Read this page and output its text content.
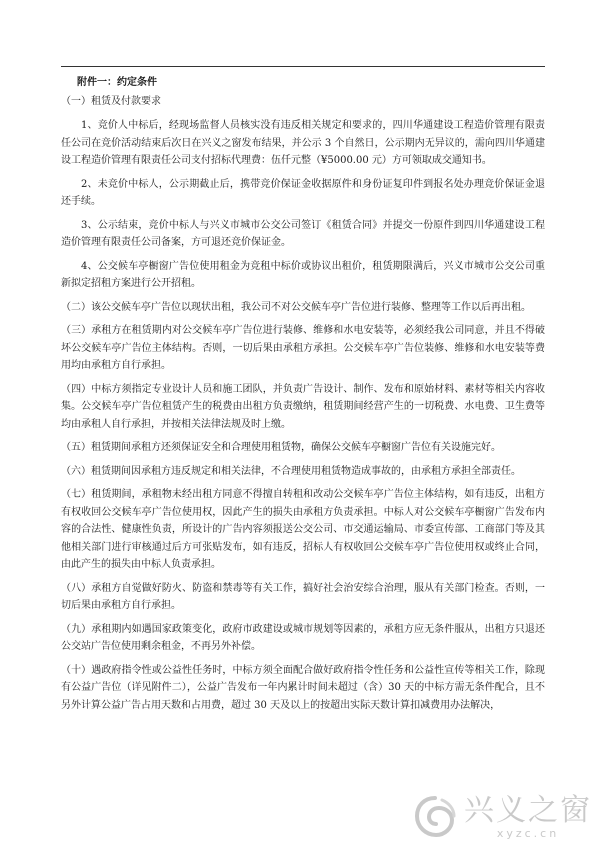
附件一：约定条件
（一）租赁及付款要求
1、竞价人中标后，经现场监督人员核实没有违反相关规定和要求的，四川华通建设工程造价管理有限责任公司在竞价活动结束后次日在兴义之窗发布结果，并公示 3 个自然日，公示期内无异议的，需向四川华通建设工程造价管理有限责任公司支付招标代理费：伍仟元整（¥5000.00 元）方可领取成交通知书。
2、未竞价中标人，公示期截止后，携带竞价保证金收据原件和身份证复印件到报名处办理竞价保证金退还手续。
3、公示结束，竞价中标人与兴义市城市公交公司签订《租赁合同》并提交一份原件到四川华通建设工程造价管理有限责任公司备案，方可退还竞价保证金。
4、公交候车亭橱窗广告位使用租金为竞租中标价或协议出租价，租赁期限满后，兴义市城市公交公司重新拟定招租方案进行公开招租。
（二）该公交候车亭广告位以现状出租，我公司不对公交候车亭广告位进行装修、整理等工作以后再出租。
（三）承租方在租赁期内对公交候车亭广告位进行装修、维修和水电安装等，必须经我公司同意，并且不得破坏公交候车亭广告位主体结构。否则，一切后果由承租方承担。公交候车亭广告位装修、维修和水电安装等费用均由承租方自行承担。
（四）中标方须指定专业设计人员和施工团队，并负责广告设计、制作、发布和原始材料、素材等相关内容收集。公交候车亭广告位租赁产生的税费由出租方负责缴纳，租赁期间经营产生的一切税费、水电费、卫生费等均由承租人自行承担，并按相关法律法规及时上缴。
（五）租赁期间承租方还须保证安全和合理使用租赁物，确保公交候车亭橱窗广告位有关设施完好。
（六）租赁期间因承租方违反规定和相关法律，不合理使用租赁物造成事故的，由承租方承担全部责任。
（七）租赁期间，承租物未经出租方同意不得擅自转租和改动公交候车亭广告位主体结构，如有违反，出租方有权收回公交候车亭广告位使用权，因此产生的损失由承租方负责承担。中标人对公交候车亭橱窗广告发布内容的合法性、健康性负责，所设计的广告内容须报送公交公司、市交通运输局、市委宣传部、工商部门等及其他相关部门进行审核通过后方可张贴发布，如有违反，招标人有权收回公交候车亭广告位使用权或终止合同，由此产生的损失由中标人负责承担。
（八）承租方自觉做好防火、防盗和禁毒等有关工作，搞好社会治安综合治理，服从有关部门检查。否则，一切后果由承租方自行承担。
（九）承租期内如遇国家政策变化，政府市政建设或城市规划等因素的，承租方应无条件服从，出租方只退还公交站广告位使用剩余租金，不再另外补偿。
（十）遇政府指令性或公益性任务时，中标方须全面配合做好政府指令性任务和公益性宣传等相关工作，除现有公益广告位（详见附件二），公益广告发布一年内累计时间未超过（含）30 天的中标方需无条件配合，且不另外计算公益广告占用天数和占用费，超过 30 天及以上的按超出实际天数计算扣减费用办法解决，
兴义之窗
xyzc.cn
